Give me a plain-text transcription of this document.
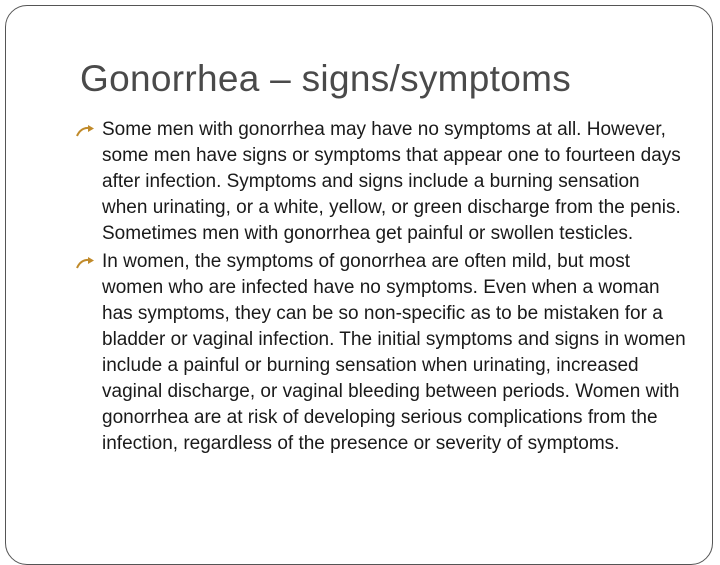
Gonorrhea – signs/symptoms
Some men with gonorrhea may have no symptoms at all. However, some men have signs or symptoms that appear one to fourteen days after infection. Symptoms and signs include a burning sensation when urinating, or a white, yellow, or green discharge from the penis. Sometimes men with gonorrhea get painful or swollen testicles.
In women, the symptoms of gonorrhea are often mild, but most women who are infected have no symptoms. Even when a woman has symptoms, they can be so non-specific as to be mistaken for a bladder or vaginal infection. The initial symptoms and signs in women include a painful or burning sensation when urinating, increased vaginal discharge, or vaginal bleeding between periods. Women with gonorrhea are at risk of developing serious complications from the infection, regardless of the presence or severity of symptoms.
